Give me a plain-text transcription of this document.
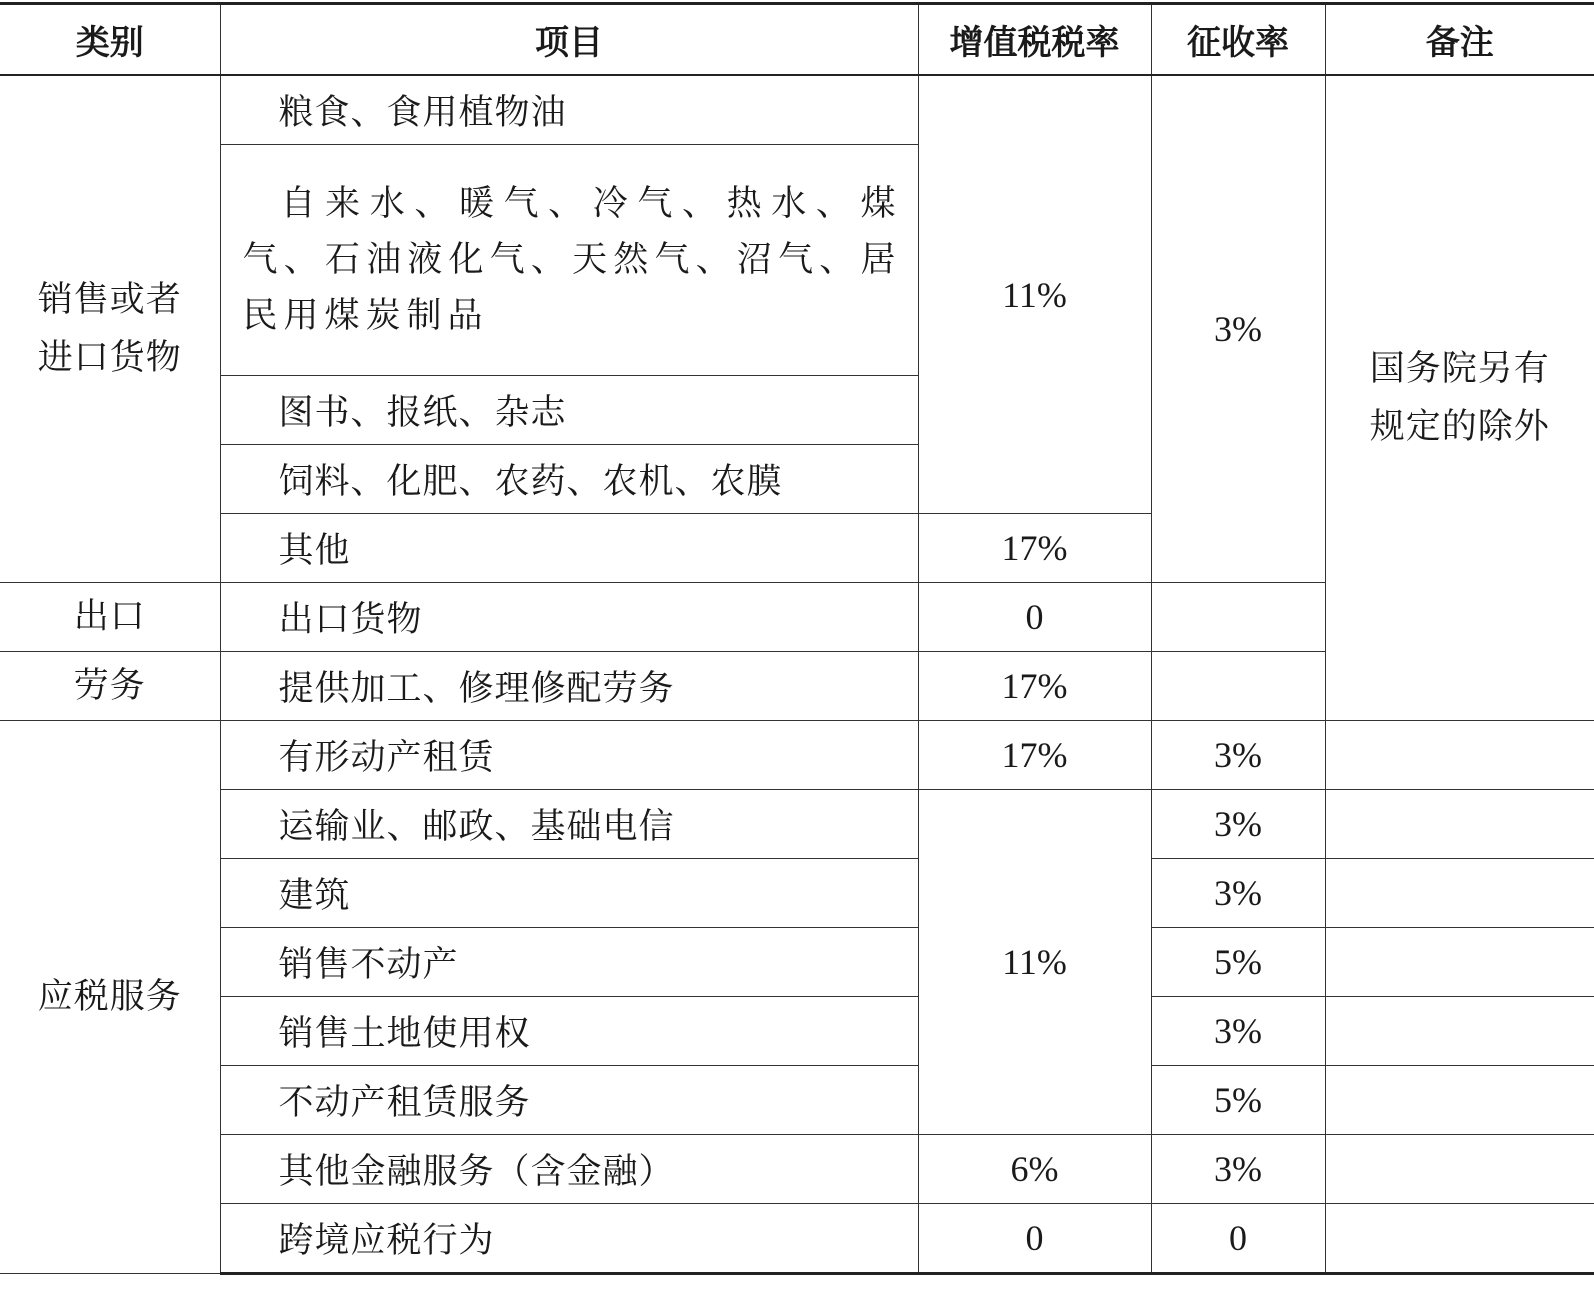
类别	项目	增值税税率	征收率	备注
销售或者进口货物	粮食、食用植物油	11%	3%	国务院另有规定的除外
	自来水、暖气、冷气、热水、煤气、石油液化气、天然气、沼气、居民用煤炭制品			
	图书、报纸、杂志			
	饲料、化肥、农药、农机、农膜			
	其他	17%		
出口	出口货物	0		
劳务	提供加工、修理修配劳务	17%		
应税服务	有形动产租赁	17%	3%	
	运输业、邮政、基础电信	11%	3%	
	建筑		3%	
	销售不动产		5%	
	销售土地使用权		3%	
	不动产租赁服务		5%	
	其他金融服务（含金融）	6%	3%	
	跨境应税行为	0	0	
